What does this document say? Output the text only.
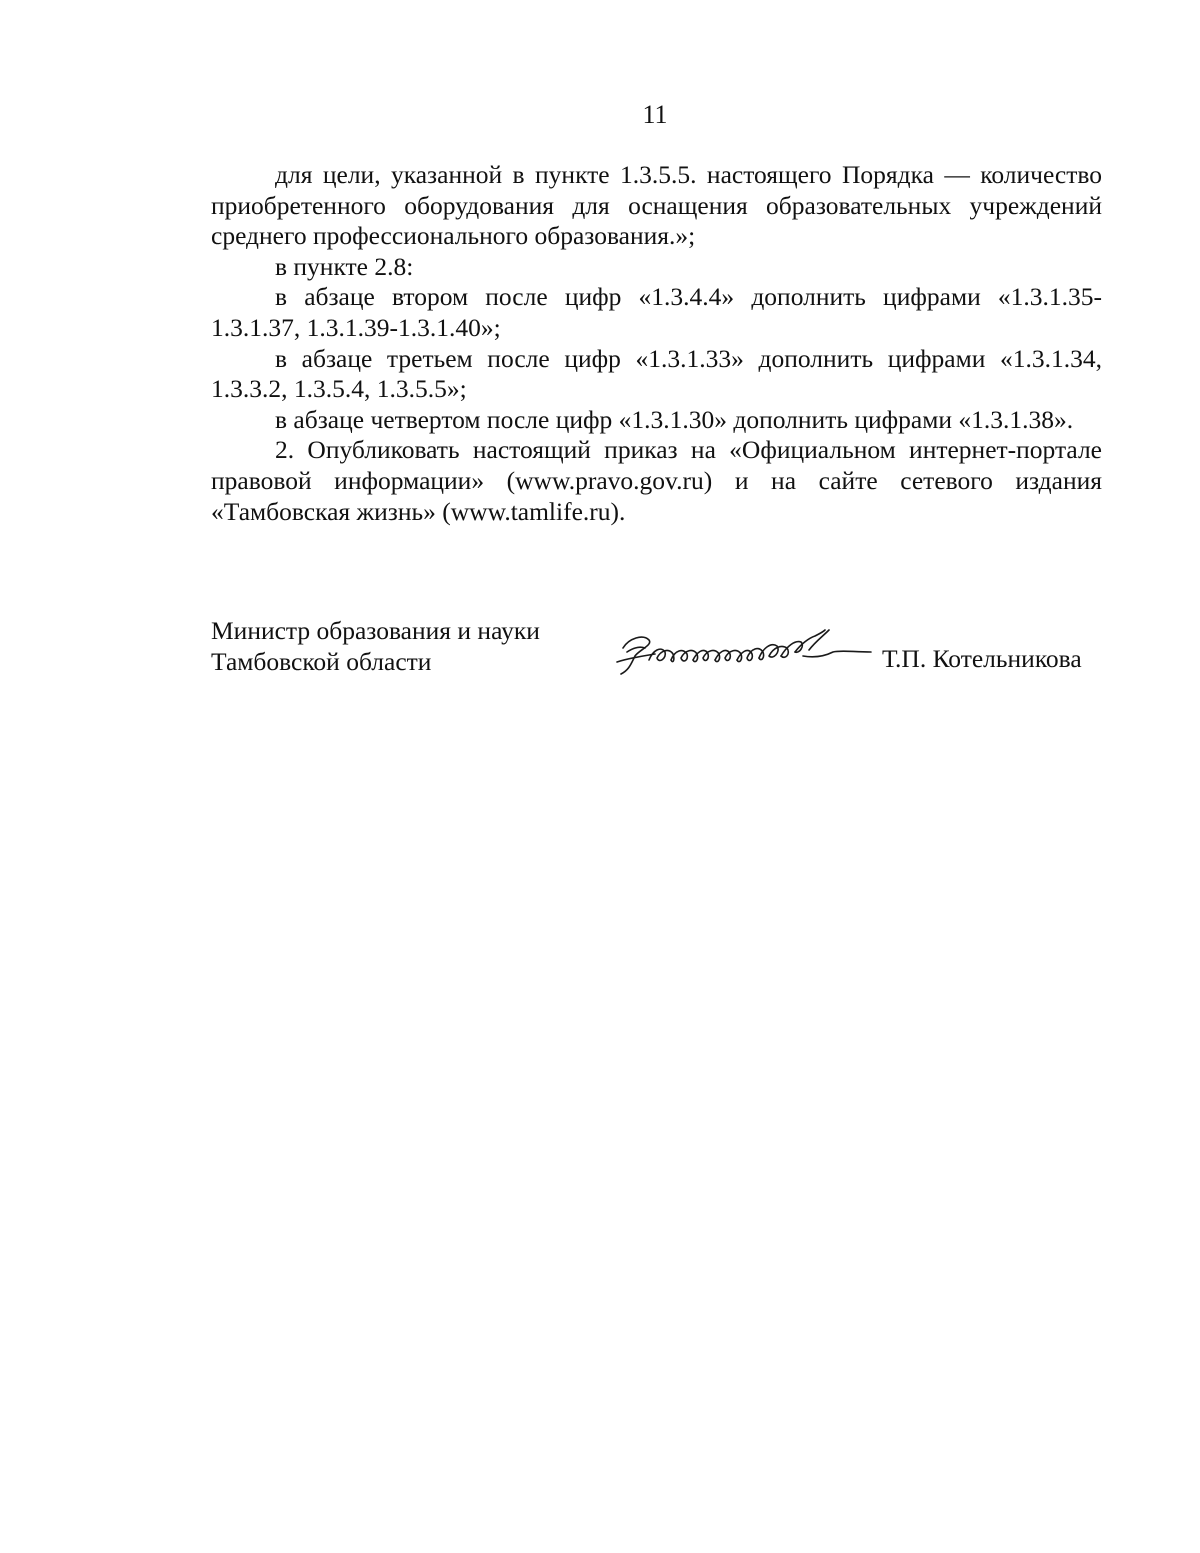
11

для цели, указанной в пункте 1.3.5.5. настоящего Порядка — количество приобретенного оборудования для оснащения образовательных учреждений среднего профессионального образования.»;

в пункте 2.8:

в абзаце втором после цифр «1.3.4.4» дополнить цифрами «1.3.1.35- 1.3.1.37, 1.3.1.39-1.3.1.40»;

в абзаце третьем после цифр «1.3.1.33» дополнить цифрами «1.3.1.34, 1.3.3.2, 1.3.5.4, 1.3.5.5»;

в абзаце четвертом после цифр «1.3.1.30» дополнить цифрами «1.3.1.38».

2. Опубликовать настоящий приказ на «Официальном интернет-портале правовой информации» (www.pravo.gov.ru) и на сайте сетевого издания «Тамбовская жизнь» (www.tamlife.ru).

Министр образования и науки
Тамбовской области	Т.П. Котельникова
